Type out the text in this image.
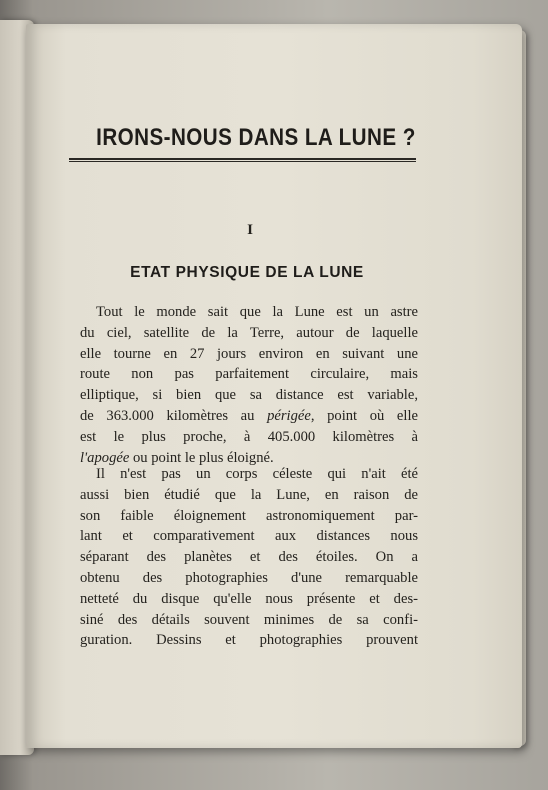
IRONS-NOUS DANS LA LUNE ?
I
ETAT PHYSIQUE DE LA LUNE
Tout le monde sait que la Lune est un astre
du ciel, satellite de la Terre, autour de laquelle
elle tourne en 27 jours environ en suivant une
route non pas parfaitement circulaire, mais
elliptique, si bien que sa distance est variable,
de 363.000 kilomètres au périgée, point où elle
est le plus proche, à 405.000 kilomètres à
l'apogée ou point le plus éloigné.
Il n'est pas un corps céleste qui n'ait été
aussi bien étudié que la Lune, en raison de
son faible éloignement astronomiquement par-
lant et comparativement aux distances nous
séparant des planètes et des étoiles. On a
obtenu des photographies d'une remarquable
netteté du disque qu'elle nous présente et des-
siné des détails souvent minimes de sa confi-
guration. Dessins et photographies prouvent
